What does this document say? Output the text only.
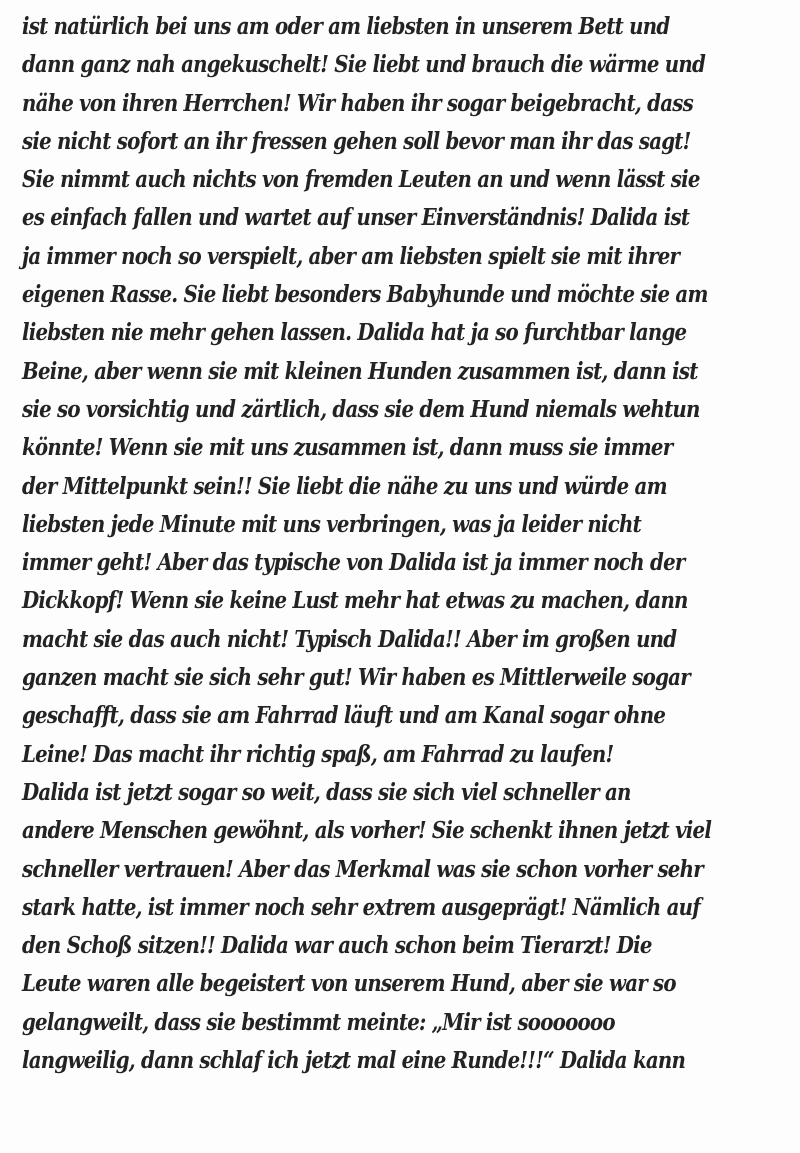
ist natürlich bei uns am oder am liebsten in unserem Bett und
dann ganz nah angekuschelt! Sie liebt und brauch die wärme und
nähe von ihren Herrchen! Wir haben ihr sogar beigebracht, dass
sie nicht sofort an ihr fressen gehen soll bevor man ihr das sagt!
Sie nimmt auch nichts von fremden Leuten an und wenn lässt sie
es einfach fallen und wartet auf unser Einverständnis! Dalida ist
ja immer noch so verspielt, aber am liebsten spielt sie mit ihrer
eigenen Rasse. Sie liebt besonders Babyhunde und möchte sie am
liebsten nie mehr gehen lassen. Dalida hat ja so furchtbar lange
Beine, aber wenn sie mit kleinen Hunden zusammen ist, dann ist
sie so vorsichtig und zärtlich, dass sie dem Hund niemals wehtun
könnte! Wenn sie mit uns zusammen ist, dann muss sie immer
der Mittelpunkt sein!! Sie liebt die nähe zu uns und würde am
liebsten jede Minute mit uns verbringen, was ja leider nicht
immer geht! Aber das typische von Dalida ist ja immer noch der
Dickkopf! Wenn sie keine Lust mehr hat etwas zu machen, dann
macht sie das auch nicht! Typisch Dalida!! Aber im großen und
ganzen macht sie sich sehr gut! Wir haben es Mittlerweile sogar
geschafft, dass sie am Fahrrad läuft und am Kanal sogar ohne
Leine! Das macht ihr richtig spaß, am Fahrrad zu laufen!
Dalida ist jetzt sogar so weit, dass sie sich viel schneller an
andere Menschen gewöhnt, als vorher! Sie schenkt ihnen jetzt viel
schneller vertrauen! Aber das Merkmal was sie schon vorher sehr
stark hatte, ist immer noch sehr extrem ausgeprägt! Nämlich auf
den Schoß sitzen!! Dalida war auch schon beim Tierarzt! Die
Leute waren alle begeistert von unserem Hund, aber sie war so
gelangweilt, dass sie bestimmt meinte: „Mir ist sooooooo
langweilig, dann schlaf ich jetzt mal eine Runde!!!“ Dalida kann
